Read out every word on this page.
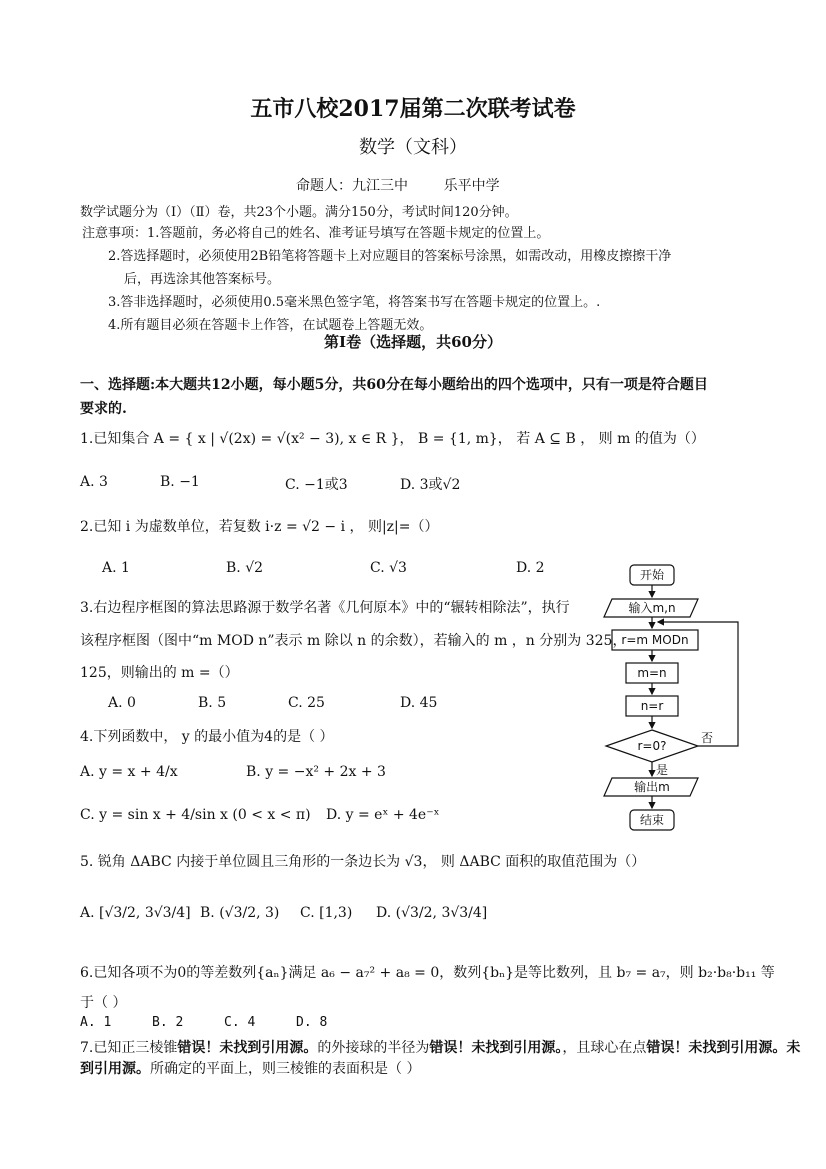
五市八校2017届第二次联考试卷
数学（文科）
命题人：九江三中        乐平中学
数学试题分为（Ⅰ）（Ⅱ）卷，共23个小题。满分150分，考试时间120分钟。
注意事项：1.答题前，务必将自己的姓名、准考证号填写在答题卡规定的位置上。
2.答选择题时，必须使用2B铅笔将答题卡上对应题目的答案标号涂黑，如需改动，用橡皮擦擦干净
后，再选涂其他答案标号。
3.答非选择题时，必须使用0.5毫米黑色签字笔，将答案书写在答题卡规定的位置上。.
4.所有题目必须在答题卡上作答，在试题卷上答题无效。
第Ⅰ卷（选择题，共60分）
一、选择题:本大题共12小题，每小题5分，共60分在每小题给出的四个选项中，只有一项是符合题目
要求的.
1.已知集合 A = { x | √(2x) = √(x² − 3), x ∈ R }， B = {1, m}， 若 A ⊆ B ， 则 m 的值为（）
A. 3	B. −1	C. −1或3	D. 3或√2
2.已知 i 为虚数单位，若复数 i·z = √2 − i ， 则|z|=（）
A. 1	B. √2	C. √3	D. 2
3.右边程序框图的算法思路源于数学名著《几何原本》中的“辗转相除法”，执行
该程序框图（图中“m MOD n”表示 m 除以 n 的余数），若输入的 m ，n 分别为 325，
125，则输出的 m =（）
A. 0	B. 5	C. 25	D. 45
4.下列函数中， y 的最小值为4的是（ ）
A. y = x + 4/x	B. y = −x² + 2x + 3
C. y = sin x + 4/sin x (0 < x < π) D. y = eˣ + 4e⁻ˣ
5. 锐角 ΔABC 内接于单位圆且三角形的一条边长为 √3， 则 ΔABC 面积的取值范围为（）
A. [√3/2, 3√3/4] B. (√3/2, 3) C. [1,3) D. (√3/2, 3√3/4]
6.已知各项不为0的等差数列{aₙ}满足 a₆ − a₇² + a₈ = 0，数列{bₙ}是等比数列，且 b₇ = a₇，则 b₂·b₈·b₁₁ 等
于（ ）
A. 1	B. 2	C. 4	D. 8
7.已知正三棱锥错误！未找到引用源。的外接球的半径为错误！未找到引用源。，且球心在点错误！未找到引用源。未
到引用源。所确定的平面上，则三棱锥的表面积是（ ）
开始
输入m,n
r=m MODn
m=n
n=r
r=0?
否
是
输出m
结束
